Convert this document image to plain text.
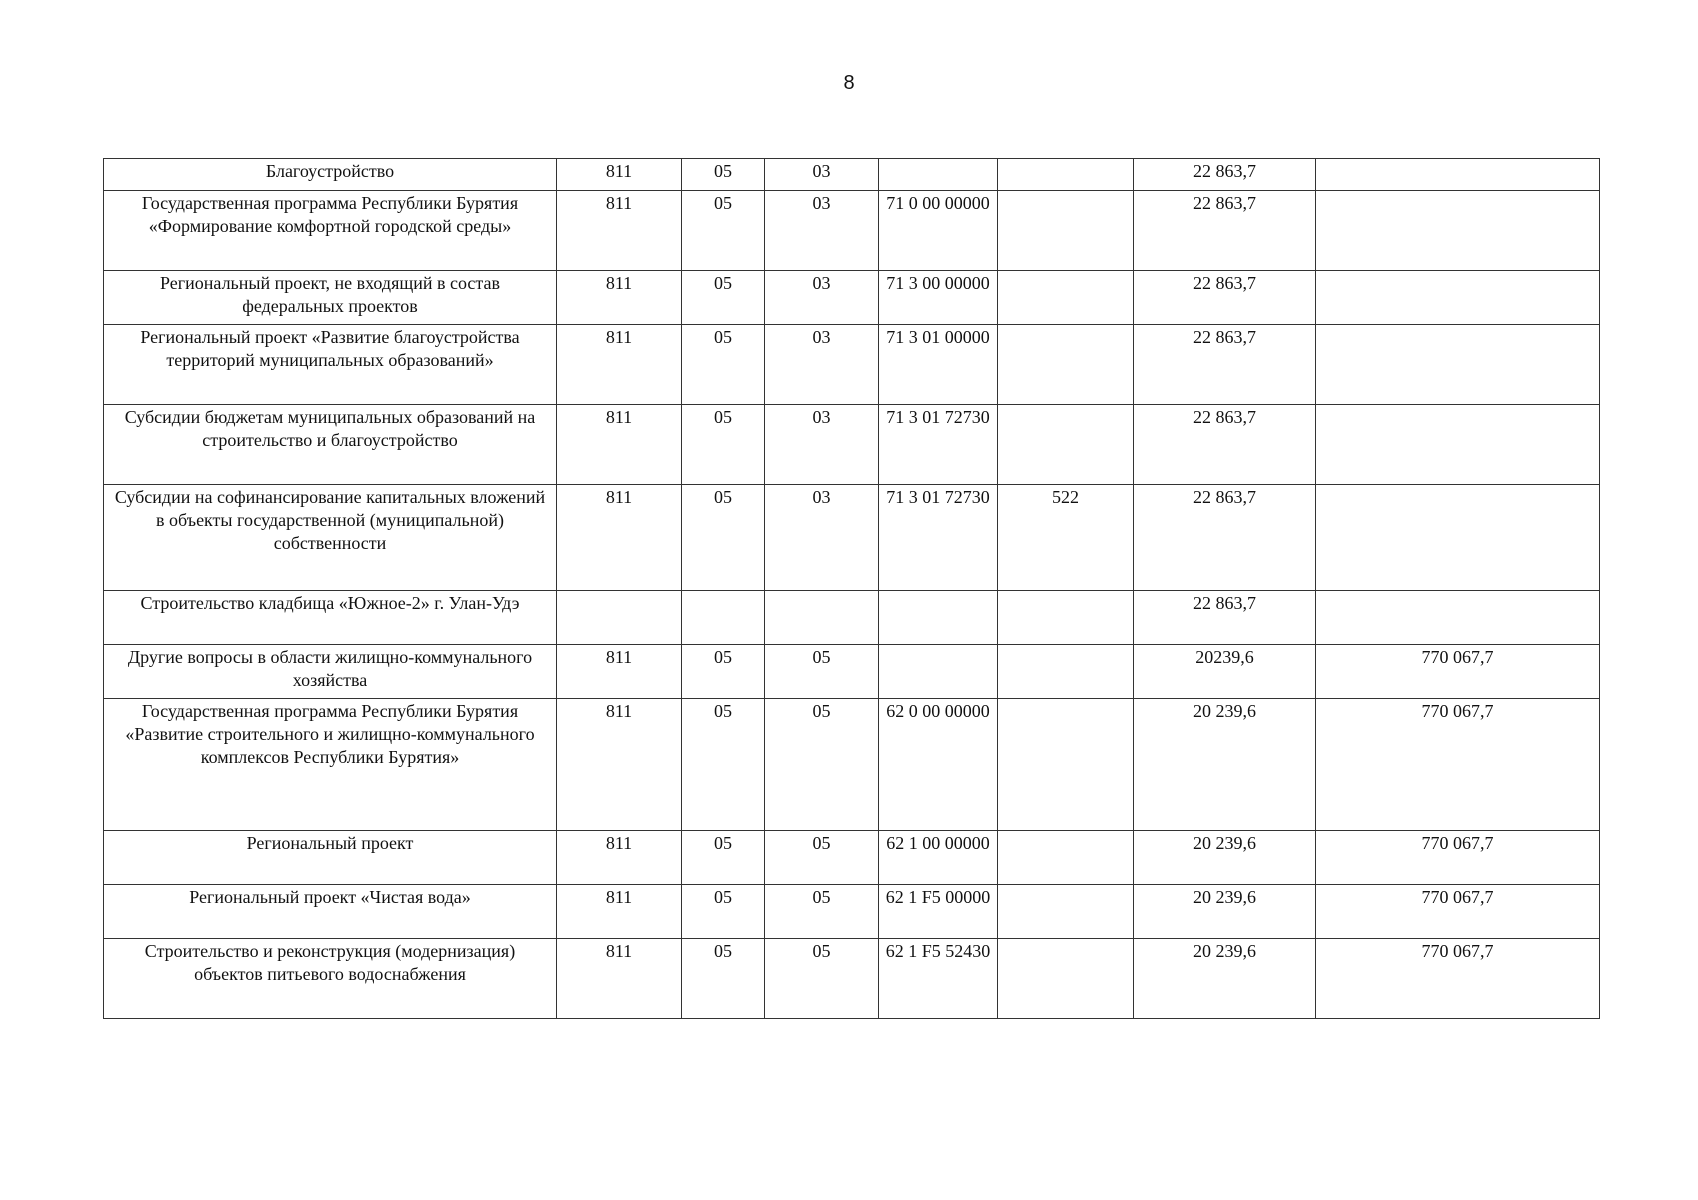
8
Благоустройство	811	05	03			22 863,7	
Государственная программа Республики Бурятия «Формирование комфортной городской среды»	811	05	03	71 0 00 00000		22 863,7	
Региональный проект, не входящий в состав федеральных проектов	811	05	03	71 3 00 00000		22 863,7	
Региональный проект «Развитие благоустройства территорий муниципальных образований»	811	05	03	71 3 01 00000		22 863,7	
Субсидии бюджетам муниципальных образований на строительство и благоустройство	811	05	03	71 3 01 72730		22 863,7	
Субсидии на софинансирование капитальных вложений в объекты государственной (муниципальной) собственности	811	05	03	71 3 01 72730	522	22 863,7	
Строительство кладбища «Южное-2» г. Улан-Удэ						22 863,7	
Другие вопросы в области жилищно-коммунального хозяйства	811	05	05			20239,6	770 067,7
Государственная программа Республики Бурятия «Развитие строительного и жилищно-коммунального комплексов Республики Бурятия»	811	05	05	62 0 00 00000		20 239,6	770 067,7
Региональный проект	811	05	05	62 1 00 00000		20 239,6	770 067,7
Региональный проект «Чистая вода»	811	05	05	62 1 F5 00000		20 239,6	770 067,7
Строительство и реконструкция (модернизация) объектов питьевого водоснабжения	811	05	05	62 1 F5 52430		20 239,6	770 067,7
